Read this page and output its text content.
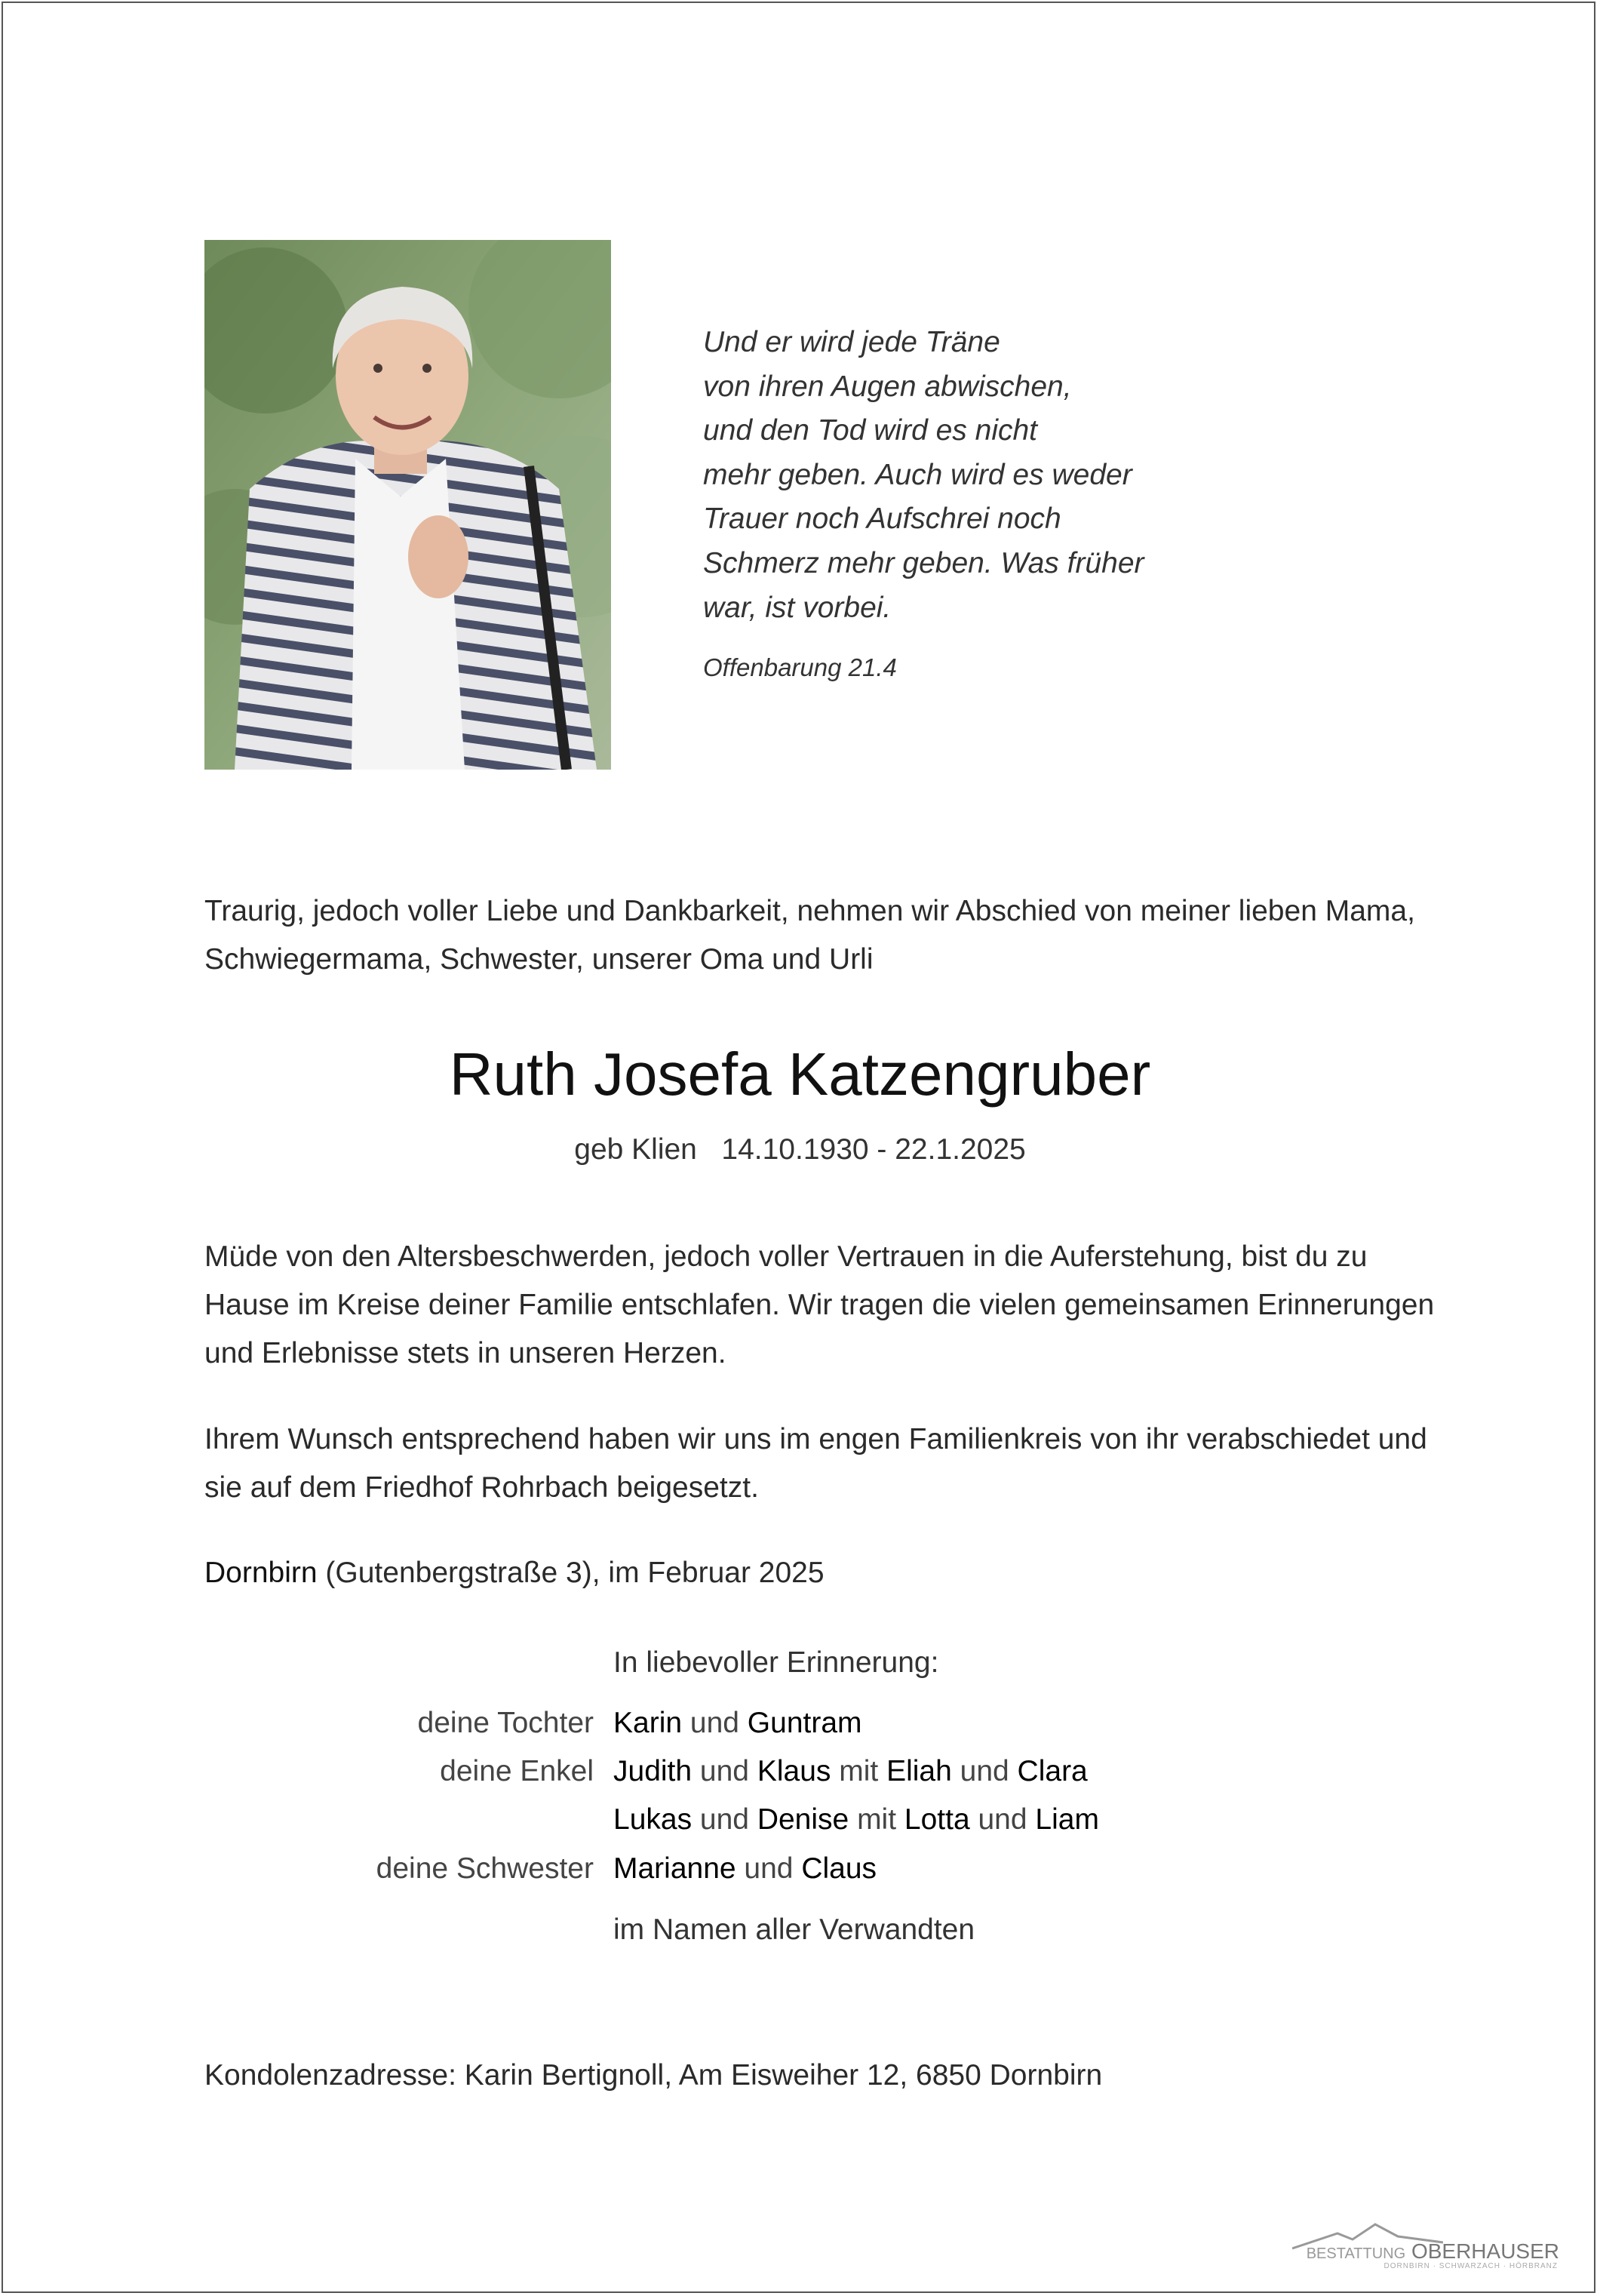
Und er wird jede Träne
von ihren Augen abwischen,
und den Tod wird es nicht
mehr geben. Auch wird es weder
Trauer noch Aufschrei noch
Schmerz mehr geben. Was früher
war, ist vorbei.
Offenbarung 21.4
Traurig, jedoch voller Liebe und Dankbarkeit, nehmen wir Abschied von meiner lieben Mama,
Schwiegermama, Schwester, unserer Oma und Urli
Ruth Josefa Katzengruber
geb Klien   14.10.1930 - 22.1.2025
Müde von den Altersbeschwerden, jedoch voller Vertrauen in die Auferstehung, bist du zu
Hause im Kreise deiner Familie entschlafen. Wir tragen die vielen gemeinsamen Erinnerungen
und Erlebnisse stets in unseren Herzen.
Ihrem Wunsch entsprechend haben wir uns im engen Familienkreis von ihr verabschiedet und
sie auf dem Friedhof Rohrbach beigesetzt.
Dornbirn (Gutenbergstraße 3), im Februar 2025
In liebevoller Erinnerung:
deine Tochter Karin und Guntram
deine Enkel Judith und Klaus mit Eliah und Clara
Lukas und Denise mit Lotta und Liam
deine Schwester Marianne und Claus
im Namen aller Verwandten
Kondolenzadresse: Karin Bertignoll, Am Eisweiher 12, 6850 Dornbirn
BESTATTUNG OBERHAUSER
DORNBIRN · SCHWARZACH · HÖRBRANZ
